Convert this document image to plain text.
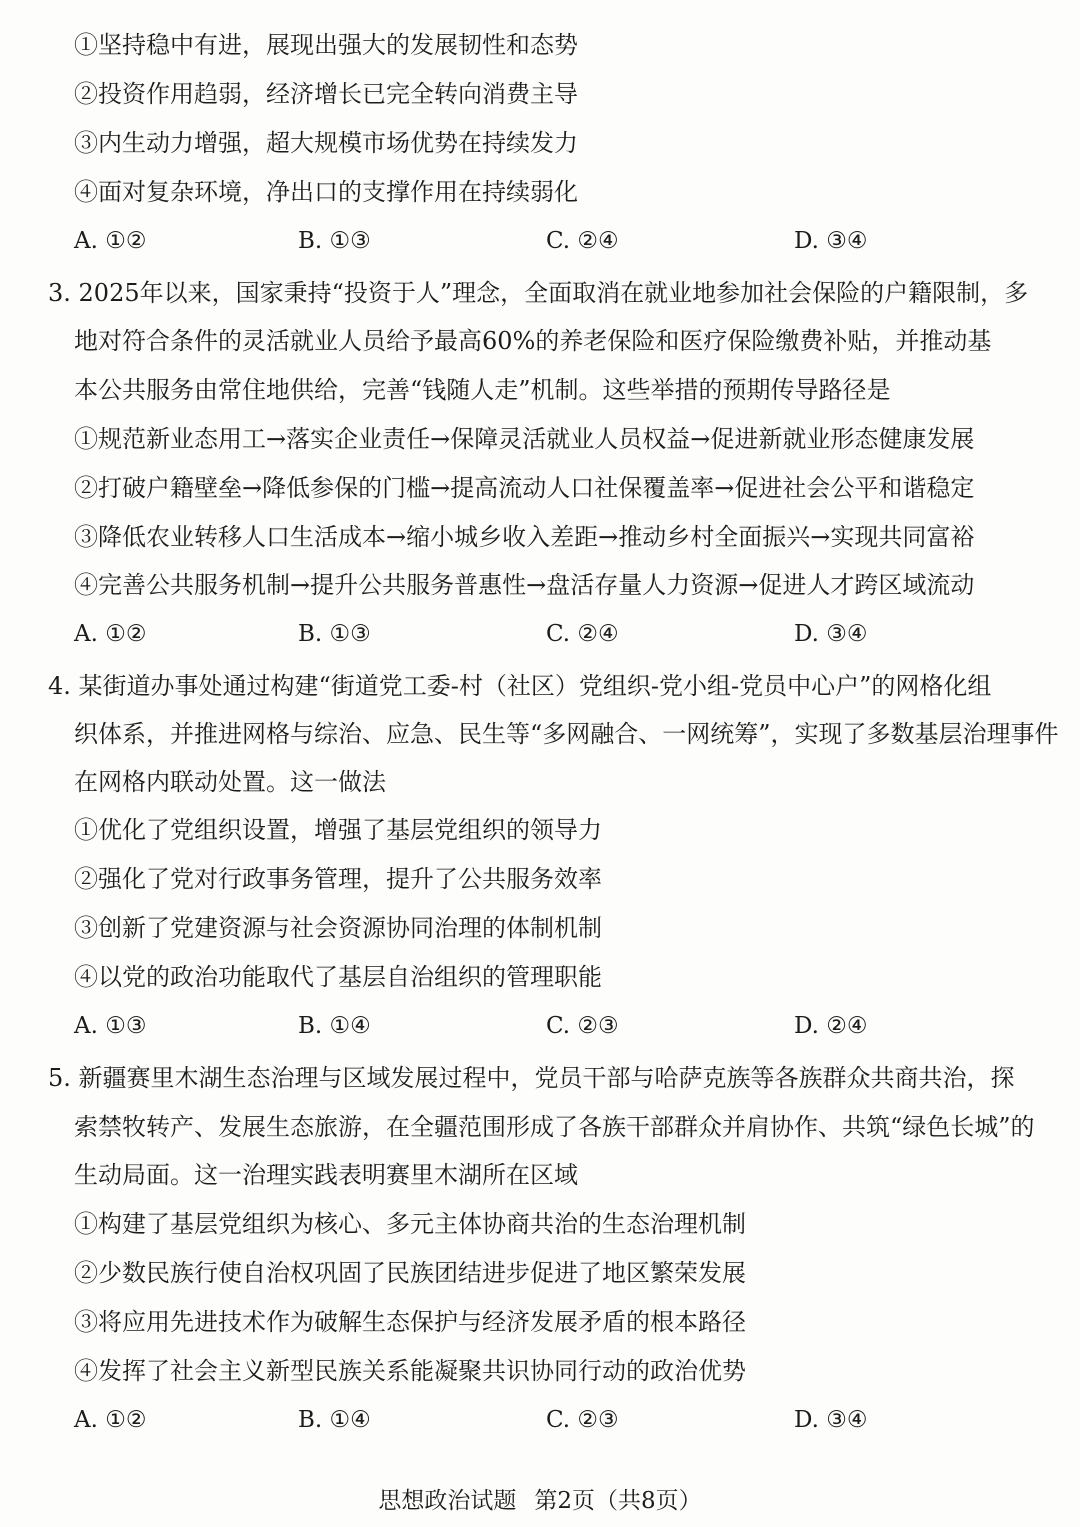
①坚持稳中有进，展现出强大的发展韧性和态势
②投资作用趋弱，经济增长已完全转向消费主导
③内生动力增强，超大规模市场优势在持续发力
④面对复杂环境，净出口的支撑作用在持续弱化
A. ①②	B. ①③	C. ②④	D. ③④
3. 2025年以来，国家秉持“投资于人”理念，全面取消在就业地参加社会保险的户籍限制，多
地对符合条件的灵活就业人员给予最高60%的养老保险和医疗保险缴费补贴，并推动基
本公共服务由常住地供给，完善“钱随人走”机制。这些举措的预期传导路径是
①规范新业态用工→落实企业责任→保障灵活就业人员权益→促进新就业形态健康发展
②打破户籍壁垒→降低参保的门槛→提高流动人口社保覆盖率→促进社会公平和谐稳定
③降低农业转移人口生活成本→缩小城乡收入差距→推动乡村全面振兴→实现共同富裕
④完善公共服务机制→提升公共服务普惠性→盘活存量人力资源→促进人才跨区域流动
A. ①②	B. ①③	C. ②④	D. ③④
4. 某街道办事处通过构建“街道党工委-村（社区）党组织-党小组-党员中心户”的网格化组
织体系，并推进网格与综治、应急、民生等“多网融合、一网统筹”，实现了多数基层治理事件
在网格内联动处置。这一做法
①优化了党组织设置，增强了基层党组织的领导力
②强化了党对行政事务管理，提升了公共服务效率
③创新了党建资源与社会资源协同治理的体制机制
④以党的政治功能取代了基层自治组织的管理职能
A. ①③	B. ①④	C. ②③	D. ②④
5. 新疆赛里木湖生态治理与区域发展过程中，党员干部与哈萨克族等各族群众共商共治，探
索禁牧转产、发展生态旅游，在全疆范围形成了各族干部群众并肩协作、共筑“绿色长城”的
生动局面。这一治理实践表明赛里木湖所在区域
①构建了基层党组织为核心、多元主体协商共治的生态治理机制
②少数民族行使自治权巩固了民族团结进步促进了地区繁荣发展
③将应用先进技术作为破解生态保护与经济发展矛盾的根本路径
④发挥了社会主义新型民族关系能凝聚共识协同行动的政治优势
A. ①②	B. ①④	C. ②③	D. ③④
思想政治试题 第2页（共8页）
